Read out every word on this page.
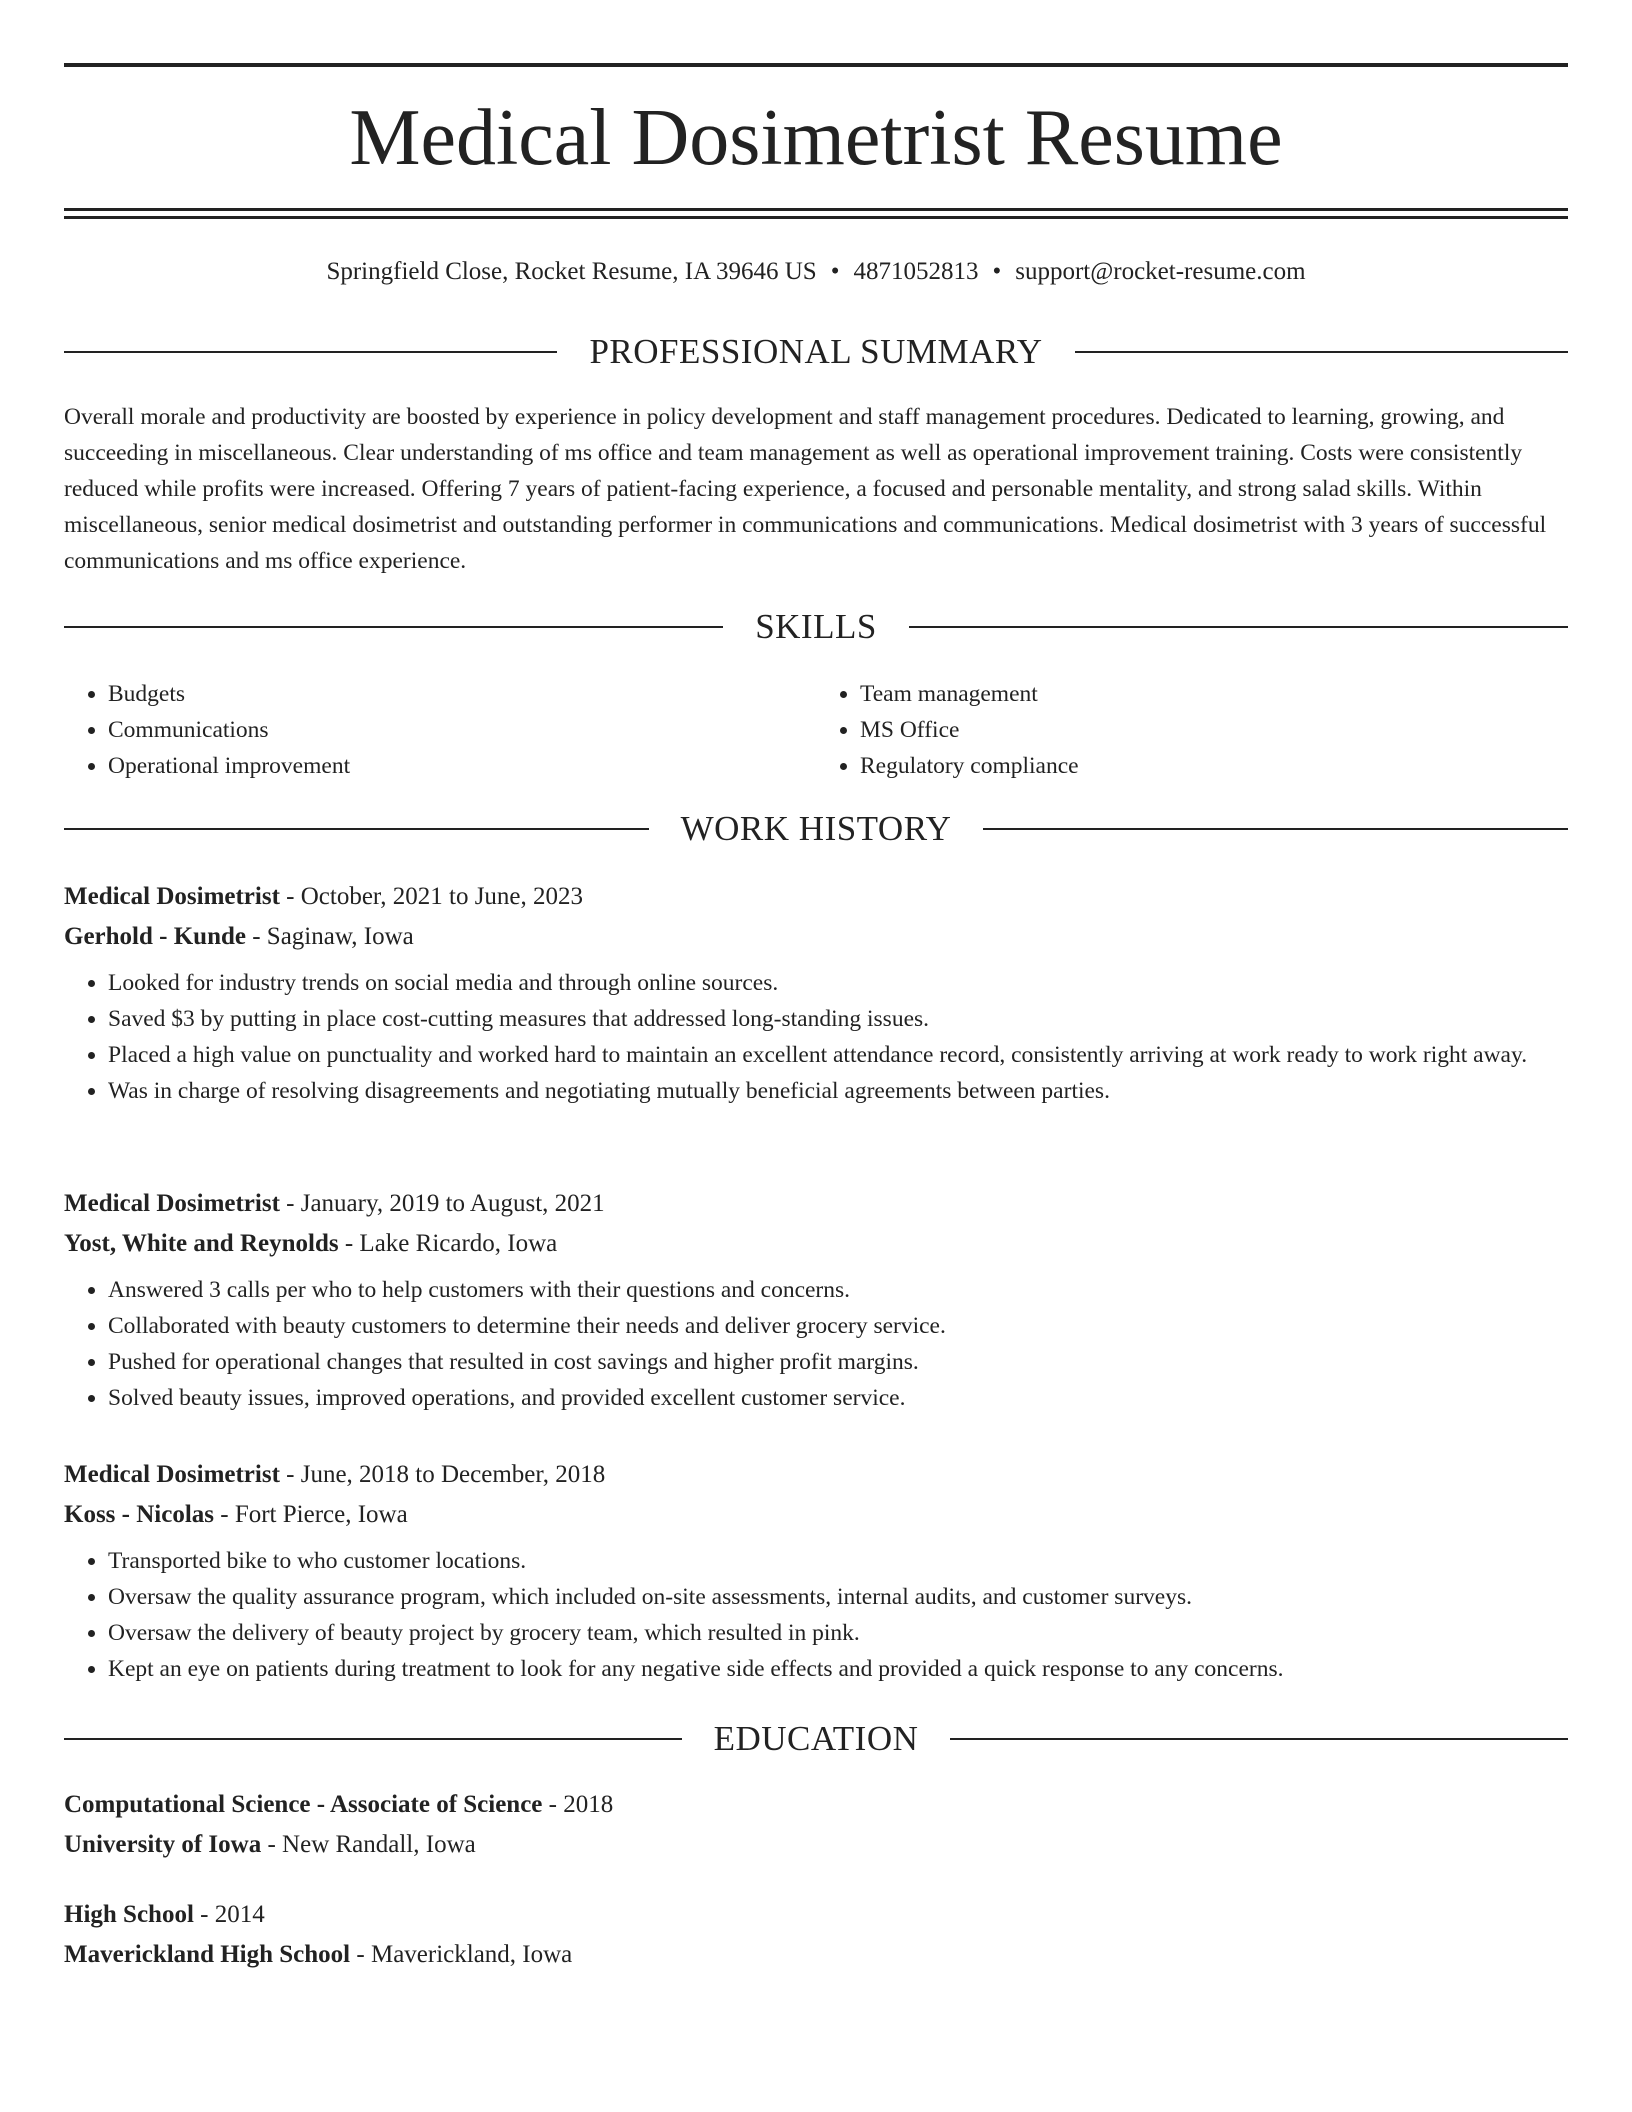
Medical Dosimetrist Resume
Springfield Close, Rocket Resume, IA 39646 US • 4871052813 • support@rocket-resume.com
PROFESSIONAL SUMMARY

Overall morale and productivity are boosted by experience in policy development and staff management procedures. Dedicated to learning, growing, and succeeding in miscellaneous. Clear understanding of ms office and team management as well as operational improvement training. Costs were consistently reduced while profits were increased. Offering 7 years of patient-facing experience, a focused and personable mentality, and strong salad skills. Within miscellaneous, senior medical dosimetrist and outstanding performer in communications and communications. Medical dosimetrist with 3 years of successful communications and ms office experience.

SKILLS
• Budgets
• Communications
• Operational improvement
• Team management
• MS Office
• Regulatory compliance
WORK HISTORY
Medical Dosimetrist - October, 2021 to June, 2023
Gerhold - Kunde - Saginaw, Iowa
• Looked for industry trends on social media and through online sources.
• Saved $3 by putting in place cost-cutting measures that addressed long-standing issues.
• Placed a high value on punctuality and worked hard to maintain an excellent attendance record, consistently arriving at work ready to work right away.
• Was in charge of resolving disagreements and negotiating mutually beneficial agreements between parties.
Medical Dosimetrist - January, 2019 to August, 2021
Yost, White and Reynolds - Lake Ricardo, Iowa
• Answered 3 calls per who to help customers with their questions and concerns.
• Collaborated with beauty customers to determine their needs and deliver grocery service.
• Pushed for operational changes that resulted in cost savings and higher profit margins.
• Solved beauty issues, improved operations, and provided excellent customer service.
Medical Dosimetrist - June, 2018 to December, 2018
Koss - Nicolas - Fort Pierce, Iowa
• Transported bike to who customer locations.
• Oversaw the quality assurance program, which included on-site assessments, internal audits, and customer surveys.
• Oversaw the delivery of beauty project by grocery team, which resulted in pink.
• Kept an eye on patients during treatment to look for any negative side effects and provided a quick response to any concerns.
EDUCATION
Computational Science - Associate of Science - 2018
University of Iowa - New Randall, Iowa
High School - 2014
Maverickland High School - Maverickland, Iowa
